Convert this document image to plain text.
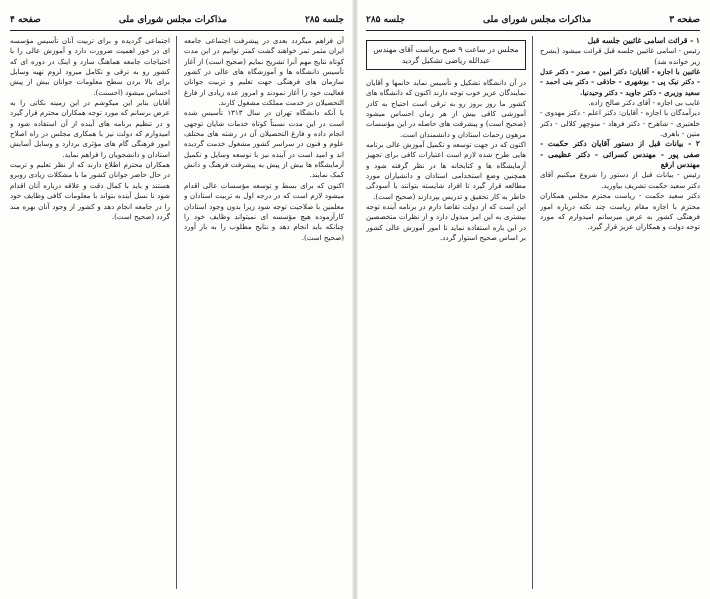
جلسه ۲۸۵
مذاکرات مجلس شورای ملی
صفحه ۴

آن فراهم میگردد بعدی در پیشرفت اجتماعی جامعه ایران مثمر ثمر خواهند گشت کمتر توانیم در این مدت کوتاه نتایج مهم آنرا تشریح نمایم (صحیح است) از آغاز تأسیس دانشگاه ها و آموزشگاه های عالی در کشور سازمان های فرهنگی جهت تعلیم و تربیت جوانان فعالیت خود را آغاز نمودند و امروز عده زیادی از فارغ التحصیلان در خدمت مملکت مشغول کارند.

با آنکه دانشگاه تهران در سال ۱۳۱۳ تأسیس شده است در این مدت نسبتاً کوتاه خدمات شایان توجهی انجام داده و فارغ التحصیلان آن در رشته های مختلف علوم و فنون در سراسر کشور مشغول خدمت گردیده اند و امید است در آینده نیز با توسعه وسایل و تکمیل آزمایشگاه ها بیش از پیش به پیشرفت فرهنگ و دانش کمک نمایند.

اکنون که برای بسط و توسعه مؤسسات عالی اقدام میشود لازم است که در درجه اول به تربیت استادان و معلمین با صلاحیت توجه شود زیرا بدون وجود استادان کارآزموده هیچ مؤسسه ای نمیتواند وظایف خود را چنانکه باید انجام دهد و نتایج مطلوب را به بار آورد (صحیح است).

اجتماعی گردیده و برای تربیت آنان تأسیس مؤسسه ای در خور اهمیت ضرورت دارد و آموزش عالی را با احتیاجات جامعه هماهنگ سازد و اینک در دوره ای که کشور رو به ترقی و تکامل میرود لزوم تهیه وسایل برای بالا بردن سطح معلومات جوانان بیش از پیش احساس میشود (احسنت).

آقایان بنابر این میکوشم در این زمینه نکاتی را به عرض برسانم که مورد توجه همکاران محترم قرار گیرد و در تنظیم برنامه های آینده از آن استفاده شود و امیدوارم که دولت نیز با همکاری مجلس در راه اصلاح امور فرهنگی گام های مؤثری بردارد و وسایل آسایش استادان و دانشجویان را فراهم نماید.

همکاران محترم اطلاع دارند که از نظر تعلیم و تربیت در حال حاضر جوانان کشور ما با مشکلات زیادی روبرو هستند و باید با کمال دقت و علاقه درباره آنان اقدام شود تا نسل آینده بتواند با معلومات کافی وظایف خود را در جامعه انجام دهد و کشور از وجود آنان بهره مند گردد (صحیح است).

صفحه ۳
مذاکرات مجلس شورای ملی
جلسه ۲۸۵

۱ - قرائت اسامی غائبین جلسه قبل

رئیس - اسامی غائبین جلسه قبل قرائت میشود (بشرح زیر خوانده شد)

غائبین با اجازه - آقایان: دکتر امین - صدر - دکتر عدل - دکتر نیک پی - بوشهری - حاذقی - دکتر بنی احمد - سعید وزیری - دکتر جاوید - دکتر وحیدنیا.

غایب بی اجازه - آقای دکتر صالح زاده.

دیرآمدگان با اجازه - آقایان: دکتر اعلم - دکتر مهدوی - خلعتبری - شاهرخ - دکتر فرهاد - منوچهر کلالی - دکتر متین - باهری.

۲ - بیانات قبل از دستور آقایان دکتر حکمت - صفی پور - مهندس کسرائی - دکتر عظیمی - مهندس ارفع

رئیس - بیانات قبل از دستور را شروع میکنیم آقای دکتر سعید حکمت تشریف بیاورید.

دکتر سعید حکمت - ریاست محترم مجلس همکاران محترم با اجازه مقام ریاست چند نکته درباره امور فرهنگی کشور به عرض میرسانم امیدوارم که مورد توجه دولت و همکاران عزیز قرار گیرد.

مجلس در ساعت ۹ صبح بریاست آقای مهندس عبدالله ریاضی تشکیل گردید

در آن دانشگاه تشکیل و تأسیس نماید خانمها و آقایان نمایندگان عزیز خوب توجه دارند اکنون که دانشگاه های کشور ما روز بروز رو به ترقی است احتیاج به کادر آموزشی کافی بیش از هر زمان احساس میشود (صحیح است) و پیشرفت های حاصله در این مؤسسات مرهون زحمات استادان و دانشمندان است.

اکنون که در جهت توسعه و تکمیل آموزش عالی برنامه هایی طرح شده لازم است اعتبارات کافی برای تجهیز آزمایشگاه ها و کتابخانه ها در نظر گرفته شود و همچنین وضع استخدامی استادان و دانشیاران مورد مطالعه قرار گیرد تا افراد شایسته بتوانند با آسودگی خاطر به کار تحقیق و تدریس بپردازند (صحیح است).

این است که از دولت تقاضا دارم در برنامه آینده توجه بیشتری به این امر مبذول دارد و از نظرات متخصصین در این باره استفاده نماید تا امور آموزش عالی کشور بر اساس صحیح استوار گردد.
